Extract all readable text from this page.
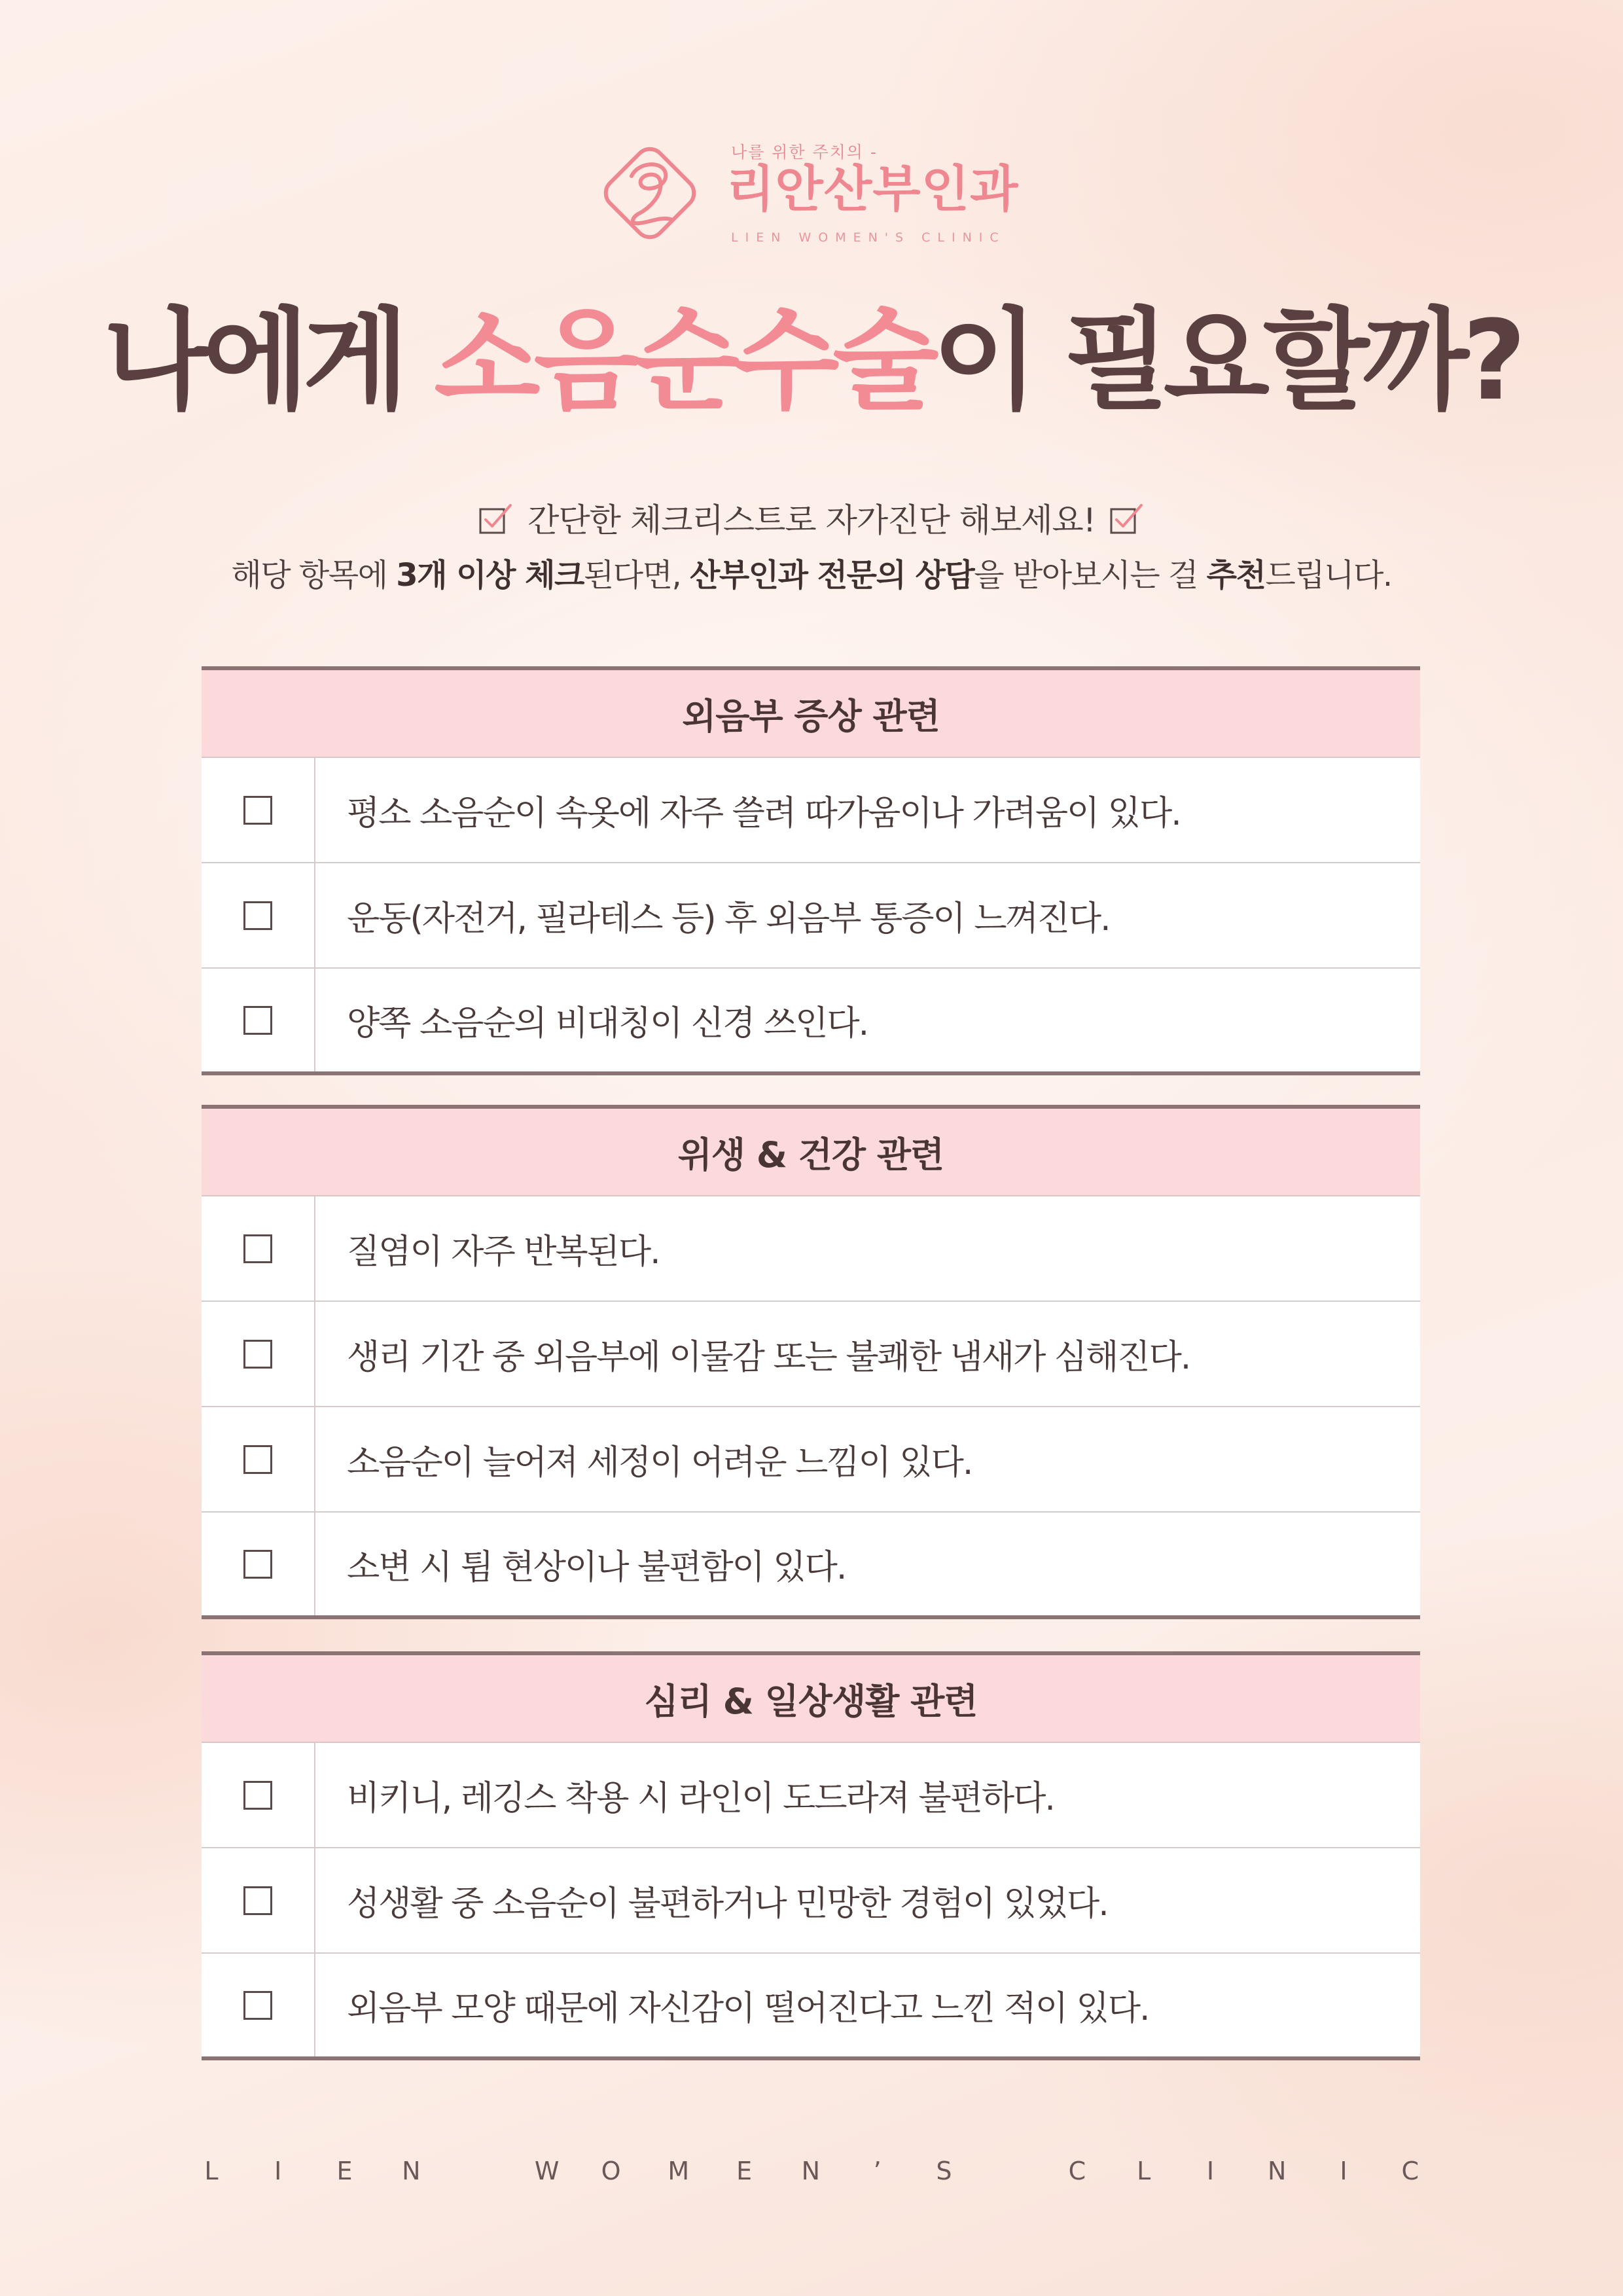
나를 위한 주치의 -
리안산부인과
LIEN WOMEN'S CLINIC
나에게 소음순수술이 필요할까?
간단한 체크리스트로 자가진단 해보세요!
해당 항목에 3개 이상 체크된다면, 산부인과 전문의 상담을 받아보시는 걸 추천드립니다.
외음부 증상 관련
평소 소음순이 속옷에 자주 쓸려 따가움이나 가려움이 있다.
운동(자전거, 필라테스 등) 후 외음부 통증이 느껴진다.
양쪽 소음순의 비대칭이 신경 쓰인다.
위생 & 건강 관련
질염이 자주 반복된다.
생리 기간 중 외음부에 이물감 또는 불쾌한 냄새가 심해진다.
소음순이 늘어져 세정이 어려운 느낌이 있다.
소변 시 튐 현상이나 불편함이 있다.
심리 & 일상생활 관련
비키니, 레깅스 착용 시 라인이 도드라져 불편하다.
성생활 중 소음순이 불편하거나 민망한 경험이 있었다.
외음부 모양 때문에 자신감이 떨어진다고 느낀 적이 있다.
L I E N	W O M E N ’ S	C L I N I C
